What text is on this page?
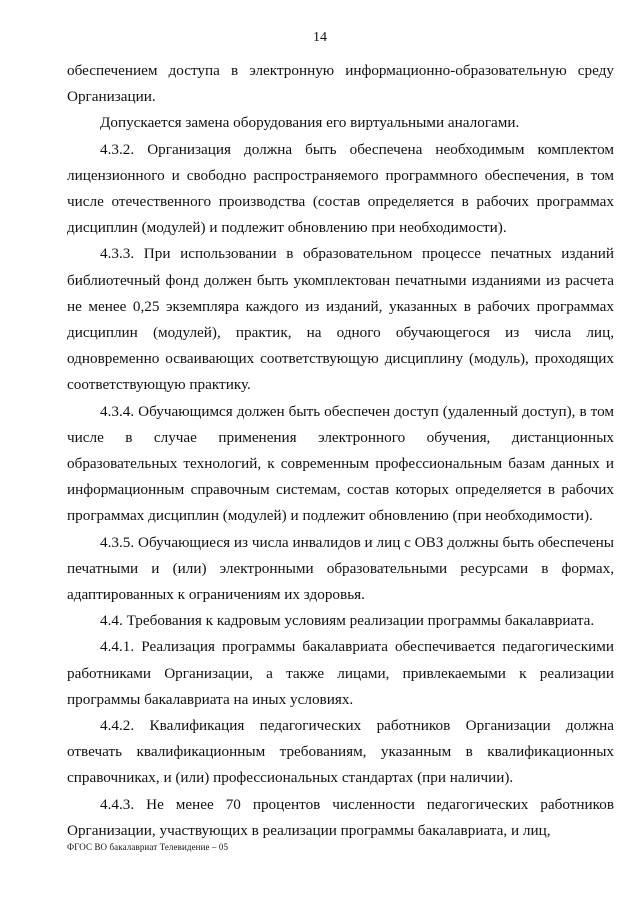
14

обеспечением доступа в электронную информационно-образовательную среду Организации.

Допускается замена оборудования его виртуальными аналогами.

4.3.2. Организация должна быть обеспечена необходимым комплектом лицензионного и свободно распространяемого программного обеспечения, в том числе отечественного производства (состав определяется в рабочих программах дисциплин (модулей) и подлежит обновлению при необходимости).

4.3.3. При использовании в образовательном процессе печатных изданий библиотечный фонд должен быть укомплектован печатными изданиями из расчета не менее 0,25 экземпляра каждого из изданий, указанных в рабочих программах дисциплин (модулей), практик, на одного обучающегося из числа лиц, одновременно осваивающих соответствующую дисциплину (модуль), проходящих соответствующую практику.

4.3.4. Обучающимся должен быть обеспечен доступ (удаленный доступ), в том числе в случае применения электронного обучения, дистанционных образовательных технологий, к современным профессиональным базам данных и информационным справочным системам, состав которых определяется в рабочих программах дисциплин (модулей) и подлежит обновлению (при необходимости).

4.3.5. Обучающиеся из числа инвалидов и лиц с ОВЗ должны быть обеспечены печатными и (или) электронными образовательными ресурсами в формах, адаптированных к ограничениям их здоровья.

4.4. Требования к кадровым условиям реализации программы бакалавриата.

4.4.1. Реализация программы бакалавриата обеспечивается педагогическими работниками Организации, а также лицами, привлекаемыми к реализации программы бакалавриата на иных условиях.

4.4.2. Квалификация педагогических работников Организации должна отвечать квалификационным требованиям, указанным в квалификационных справочниках, и (или) профессиональных стандартах (при наличии).

4.4.3. Не менее 70 процентов численности педагогических работников Организации, участвующих в реализации программы бакалавриата, и лиц,

ФГОС ВО бакалавриат Телевидение – 05
